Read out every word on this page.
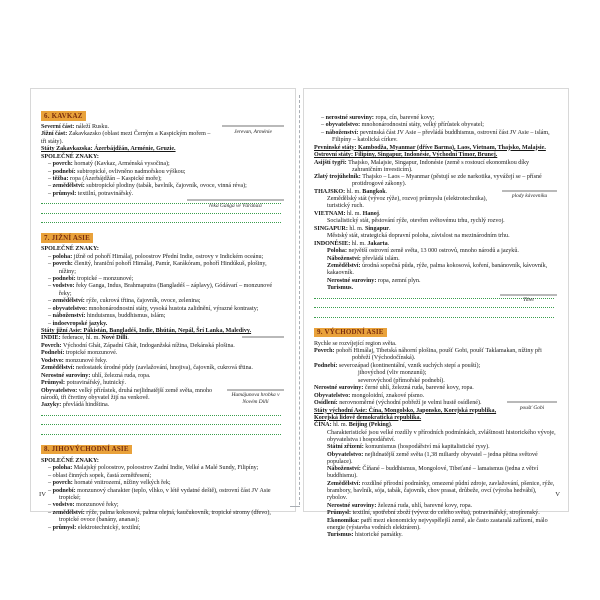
6. KAVKAZ
Jerevan, Arménie

Severní část: náleží Rusku.

Jižní část: Zakavkazsko (oblast mezi Černým a Kaspickým mořem – tři státy).

Státy Zakavkazska: Ázerbájdžán, Arménie, Gruzie.

SPOLEČNÉ ZNAKY:

– povrch: hornatý (Kavkaz, Arménská vysočina);

– podnebí: subtropické, ovlivněno nadmořskou výškou;

– těžba: ropa (Ázerbájdžán – Kaspické moře);

– zemědělství: subtropické plodiny (tabák, bavlník, čajovník, ovoce, vinná réva);

– průmysl: textilní, potravinářský.

řeka Ganga ve Váránasí
7. JIŽNÍ ASIE

SPOLEČNÉ ZNAKY:

– poloha: jižně od pohoří Himálaj, poloostrov Přední Indie, ostrovy v Indickém oceánu;

– povrch: členitý, hraniční pohoří Himálaj, Pamír, Karákóram, pohoří Hindúkuš, plošiny, nížiny;

– podnebí: tropické – monzunové;

– vodstvo: řeky Ganga, Indus, Brahmaputra (Bangladéš – záplavy), Gódávarí – monzunové řeky;

– zemědělství: rýže, cukrová třtina, čajovník, ovoce, zelenina;

– obyvatelstvo: mnohonárodnostní státy, vysoká hustota zalidnění, výrazné kontrasty;

– náboženství: hinduismus, buddhismus, islám;

– indoevropské jazyky.

Státy jižní Asie: Pákistán, Bangladéš, Indie, Bhútán, Nepál, Šrí Lanka, Maledivy.

INDIE: federace, hl. m. Nové Dillí.

Povrch: Východní Ghát, Západní Ghát, Indoganžská nížina, Dekánská plošina.

Podnebí: tropické monzunové.

Vodstvo: monzunové řeky.

Zemědělství: nedostatek úrodné půdy (zavlažování, hnojiva), čajovník, cukrová třtina.

Nerostné suroviny: uhlí, železná ruda, ropa.

Průmysl: potravinářský, hutnický.

Humájunova hrobka v Novém Dillí

Obyvatelstvo: velký přírůstek, druhá nejlidnatější země světa, mnoho národů, tři čtvrtiny obyvatel žijí na venkově.

Jazyky: převládá hindština.

8. JIHOVÝCHODNÍ ASIE

SPOLEČNÉ ZNAKY:

– poloha: Malajský poloostrov, poloostrov Zadní Indie, Velké a Malé Sundy, Filipíny;

– oblast činných sopek, častá zemětřesení;

– povrch: hornaté vnitrozemí, nížiny velkých řek;

– podnebí: monzunový charakter (teplo, vlhko, v létě vydatné deště), ostrovní část JV Asie tropické;

– vodstvo: monzunové řeky;

– zemědělství: rýže, palma kokosová, palma olejná, kaučukovník, tropické stromy (dřevo), tropické ovoce (banány, ananas);

– průmysl: elektrotechnický, textilní;

IV

– nerostné suroviny: ropa, cín, barevné kovy;

– obyvatelstvo: mnohonárodnostní státy, velký přírůstek obyvatel;

– náboženství: pevninská část JV Asie – převládá buddhismus, ostrovní část JV Asie – islám, Filipíny – katolická církev.

Pevninské státy: Kambodža, Myanmar (dříve Barma), Laos, Vietnam, Thajsko, Malajsie.

Ostrovní státy: Filipíny, Singapur, Indonésie, Východní Timor, Brunej.

Asijští tygři: Thajsko, Malajsie, Singapur, Indonésie (země s rostoucí ekonomikou díky zahraničním investicím).

Zlatý trojúhelník: Thajsko – Laos – Myanmar (pěstují se zde narkotika, vyvážejí se – přísné protidrogové zákony).

plody kávovníku

THAJSKO: hl. m. Bangkok.

Zemědělský stát (vývoz rýže), rozvoj průmyslu (elektrotechnika), turistický ruch.

VIETNAM: hl. m. Hanoj.

Socialistický stát, pěstování rýže, otevřen světovému trhu, rychlý rozvoj.

SINGAPUR: hl. m. Singapur.

Městský stát, strategická dopravní poloha, závislost na mezinárodním trhu.

INDONÉSIE: hl. m. Jakarta.

Poloha: největší ostrovní země světa, 13 000 ostrovů, mnoho národů a jazyků.

Náboženství: převládá islám.

Zemědělství: úrodná sopečná půda, rýže, palma kokosová, koření, banánovník, kávovník, kakaovník.

Nerostné suroviny: ropa, zemní plyn.

Turismus.

Tibet
9. VÝCHODNÍ ASIE

Rychle se rozvíjející region světa.

Povrch: pohoří Himálaj, Tibetská náhorní plošina, poušť Gobi, poušť Taklamakan, nížiny při pobřeží (Východočínská).

Podnebí: severozápad (kontinentální, vznik suchých stepí a pouští);

jihovýchod (vliv monzunů);

severovýchod (přímořské podnebí).

Nerostné suroviny: černé uhlí, železná ruda, barevné kovy, ropa.

Obyvatelstvo: mongoloidní, znakové písmo.

poušť Gobi

Osídlení: nerovnoměrné (východní pobřeží je velmi hustě osídlené).

Státy východní Asie: Čína, Mongolsko, Japonsko, Korejská republika, Korejská lidově demokratická republika.

ČÍNA: hl. m. Beijing (Peking).

Charakteristické jsou velké rozdíly v přírodních podmínkách, zvláštnosti historického vývoje, obyvatelstva i hospodářství.

Státní zřízení: komunismus (hospodářství má kapitalistické rysy).

Obyvatelstvo: nejlidnatější země světa (1,38 miliardy obyvatel – jedna pětina světové populace).

Náboženství: Číňané – buddhismus, Mongolové, Tibeťané – lamaismus (jedna z větví buddhismu).

Zemědělství: rozdílné přírodní podmínky, omezené půdní zdroje, zavlažování, pšenice, rýže, brambory, bavlník, sója, tabák, čajovník, chov prasat, drůbeže, ovcí (výroba hedvábí), rybolov.

Nerostné suroviny: železná ruda, uhlí, barevné kovy, ropa.

Průmysl: textilní, spotřební zboží (vývoz do celého světa), potravinářský, strojírenský.

Ekonomika: patří mezi ekonomicky nejvyspělejší země, ale často zastaralá zařízení, málo energie (výstavba vodních elektráren).

Turismus: historické památky.

V
